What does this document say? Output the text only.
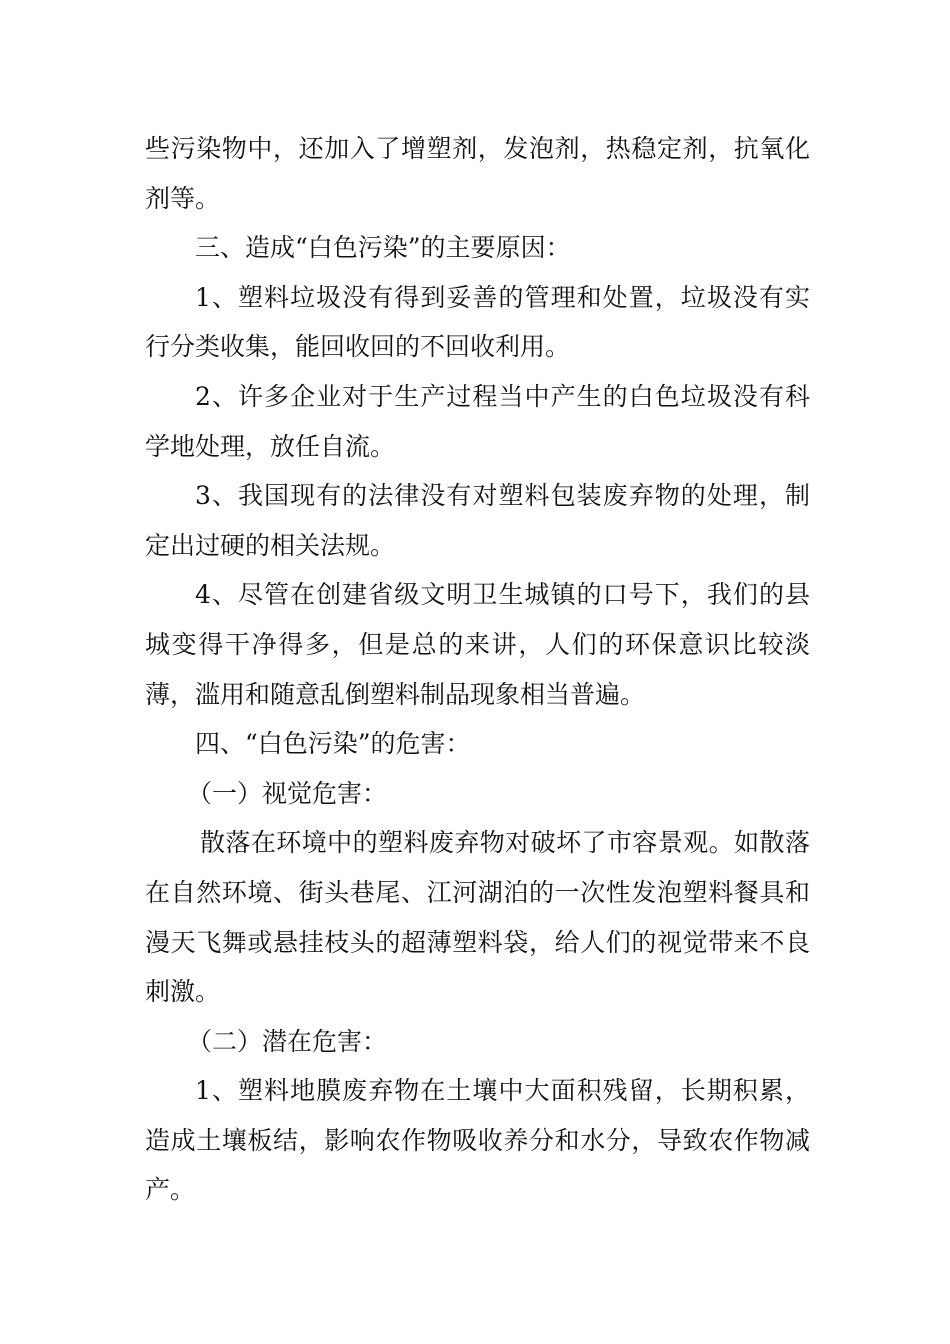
些污染物中，还加入了增塑剂，发泡剂，热稳定剂，抗氧化剂等。

三、造成“白色污染”的主要原因：

1、塑料垃圾没有得到妥善的管理和处置，垃圾没有实行分类收集，能回收回的不回收利用。

2、许多企业对于生产过程当中产生的白色垃圾没有科学地处理，放任自流。

3、我国现有的法律没有对塑料包装废弃物的处理，制定出过硬的相关法规。

4、尽管在创建省级文明卫生城镇的口号下，我们的县城变得干净得多，但是总的来讲，人们的环保意识比较淡薄，滥用和随意乱倒塑料制品现象相当普遍。

四、“白色污染”的危害：

（一）视觉危害：

散落在环境中的塑料废弃物对破坏了市容景观。如散落在自然环境、街头巷尾、江河湖泊的一次性发泡塑料餐具和漫天飞舞或悬挂枝头的超薄塑料袋，给人们的视觉带来不良刺激。

（二）潜在危害：

1、塑料地膜废弃物在土壤中大面积残留，长期积累，造成土壤板结，影响农作物吸收养分和水分，导致农作物减产。
